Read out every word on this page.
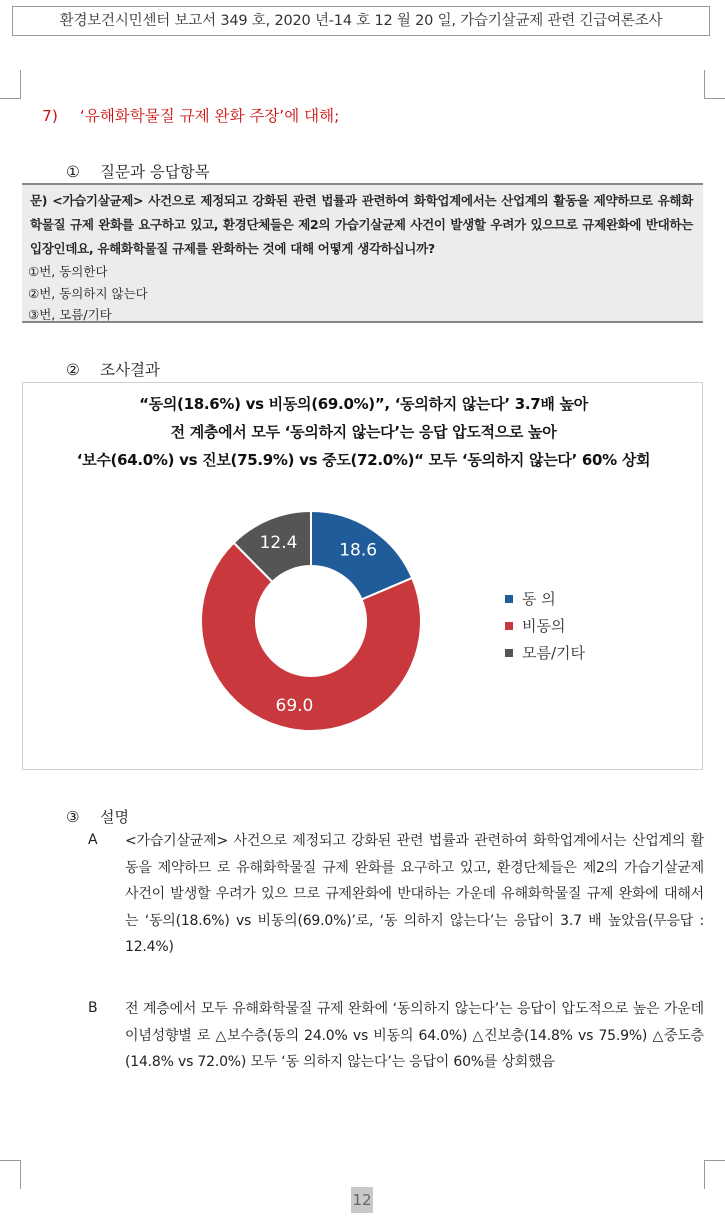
환경보건시민센터 보고서 349 호, 2020 년-14 호 12 월 20 일, 가습기살균제 관련 긴급여론조사
7) ‘유해화학물질 규제 완화 주장’에 대해;
① 질문과 응답항목

문) <가습기살균제> 사건으로 제정되고 강화된 관련 법률과 관련하여 화학업계에서는 산업계의 활동을 제약하므로 유해화학물질 규제 완화를 요구하고 있고, 환경단체들은 제2의 가습기살균제 사건이 발생할 우려가 있으므로 규제완화에 반대하는 입장인데요, 유해화학물질 규제를 완화하는 것에 대해 어떻게 생각하십니까?

①번, 동의한다

②번, 동의하지 않는다

③번, 모름/기타

② 조사결과
“동의(18.6%) vs 비동의(69.0%)”, ‘동의하지 않는다’ 3.7배 높아
전 계층에서 모두 ‘동의하지 않는다’는 응답 압도적으로 높아
‘보수(64.0%) vs 진보(75.9%) vs 중도(72.0%)“ 모두 ‘동의하지 않는다’ 60% 상회
18.6
69.0
12.4
동 의
비동의
모름/기타
③ 설명
A <가습기살균제> 사건으로 제정되고 강화된 관련 법률과 관련하여 화학업계에서는 산업계의 활동을 제약하므 로 유해화학물질 규제 완화를 요구하고 있고, 환경단체들은 제2의 가습기살균제 사건이 발생할 우려가 있으 므로 규제완화에 반대하는 가운데 유해화학물질 규제 완화에 대해서는 ‘동의(18.6%) vs 비동의(69.0%)’로, ‘동 의하지 않는다’는 응답이 3.7 배 높았음(무응답 : 12.4%)

B 전 계층에서 모두 유해화학물질 규제 완화에 ‘동의하지 않는다’는 응답이 압도적으로 높은 가운데 이념성향별 로 △보수층(동의 24.0% vs 비동의 64.0%) △진보층(14.8% vs 75.9%) △중도층(14.8% vs 72.0%) 모두 ‘동 의하지 않는다’는 응답이 60%를 상회했음

12
